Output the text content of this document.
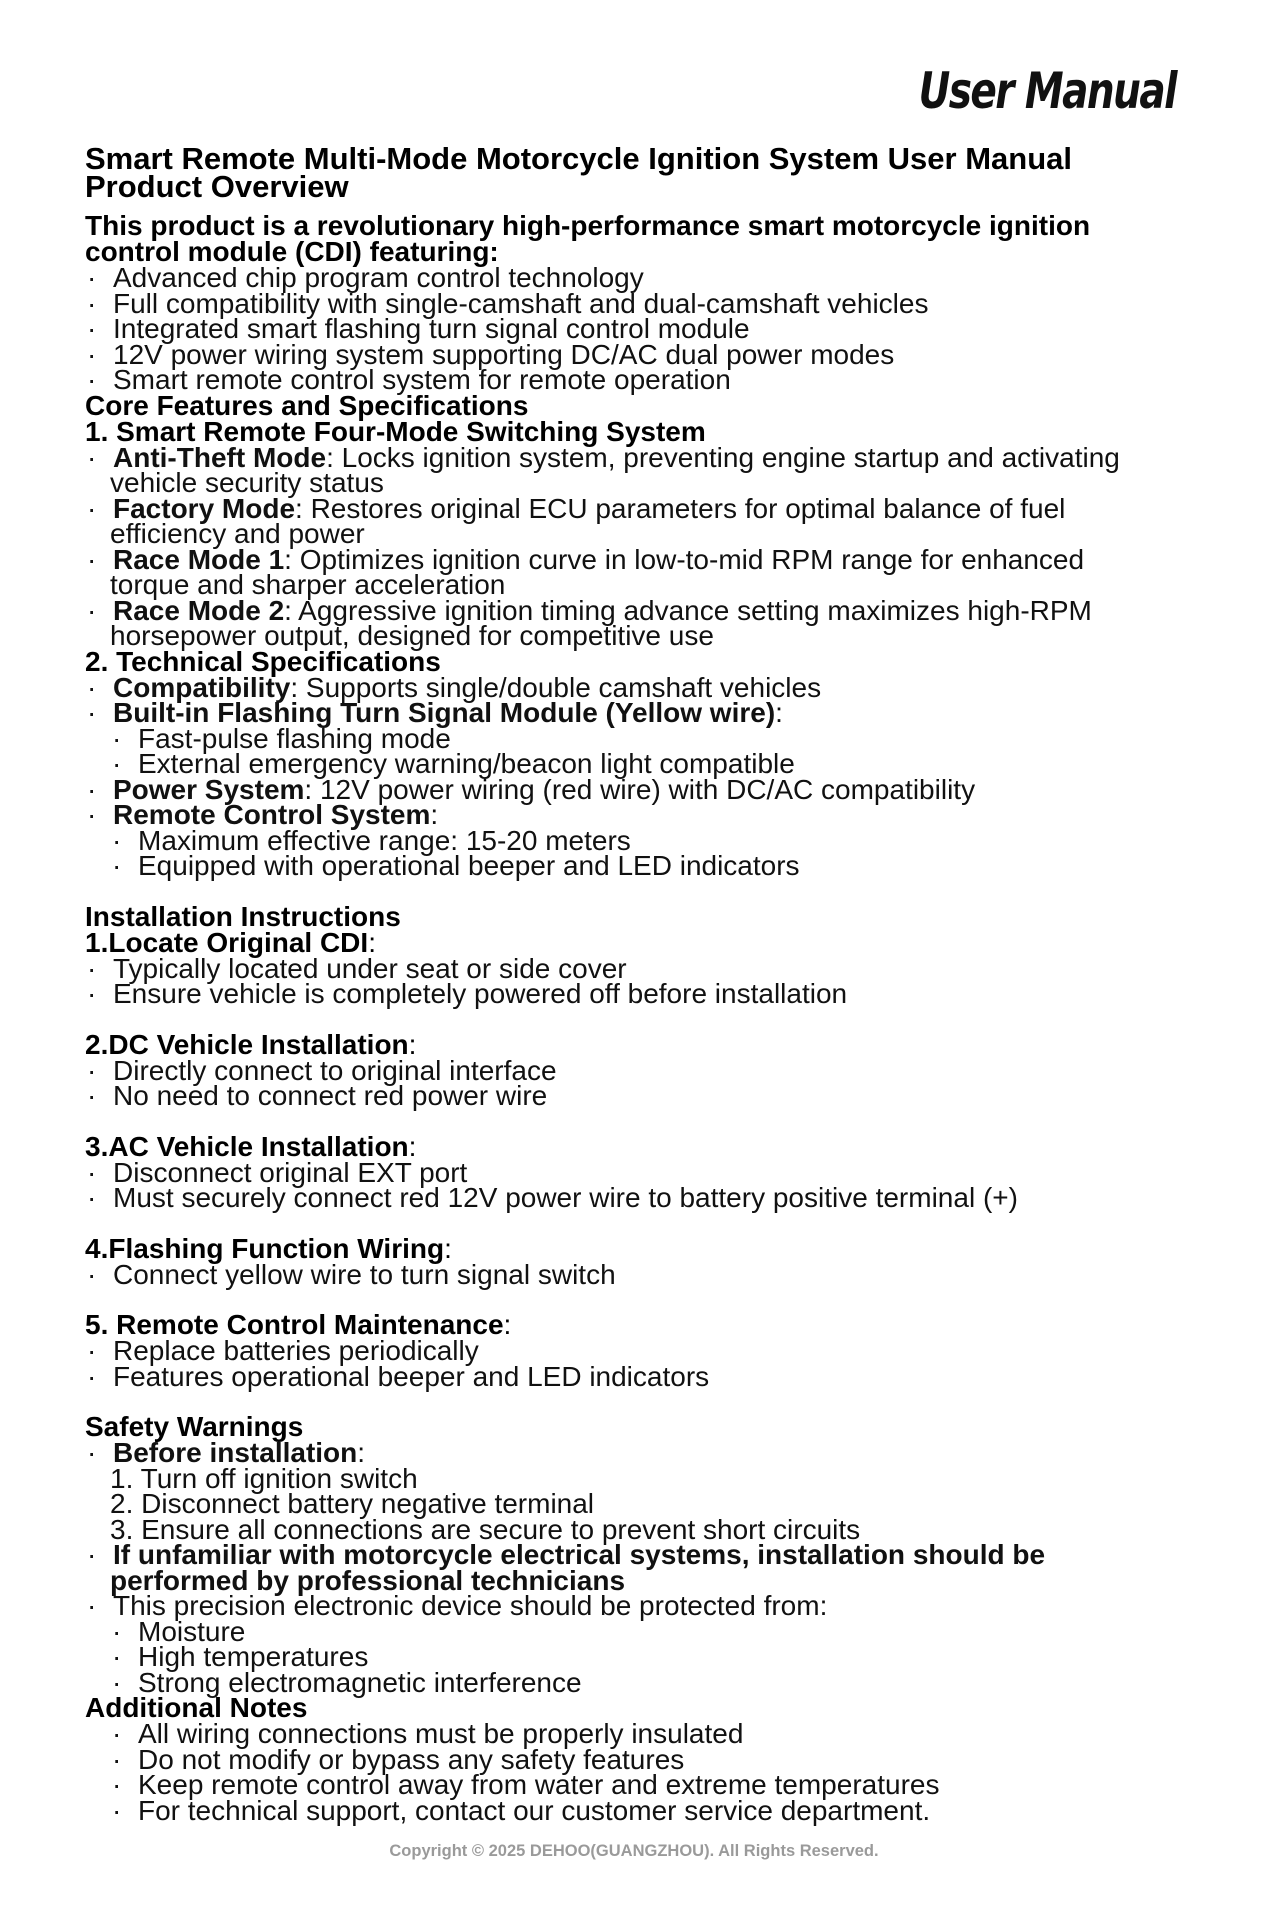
User Manual
Smart Remote Multi-Mode Motorcycle Ignition System User Manual
Product Overview
This product is a revolutionary high-performance smart motorcycle ignition
control module (CDI) featuring:
· Advanced chip program control technology
· Full compatibility with single-camshaft and dual-camshaft vehicles
· Integrated smart flashing turn signal control module
· 12V power wiring system supporting DC/AC dual power modes
· Smart remote control system for remote operation
Core Features and Specifications
1. Smart Remote Four-Mode Switching System
· Anti-Theft Mode: Locks ignition system, preventing engine startup and activating
vehicle security status
· Factory Mode: Restores original ECU parameters for optimal balance of fuel
efficiency and power
· Race Mode 1: Optimizes ignition curve in low-to-mid RPM range for enhanced
torque and sharper acceleration
· Race Mode 2: Aggressive ignition timing advance setting maximizes high-RPM
horsepower output, designed for competitive use
2. Technical Specifications
· Compatibility: Supports single/double camshaft vehicles
· Built-in Flashing Turn Signal Module (Yellow wire):
· Fast-pulse flashing mode
· External emergency warning/beacon light compatible
· Power System: 12V power wiring (red wire) with DC/AC compatibility
· Remote Control System:
· Maximum effective range: 15-20 meters
· Equipped with operational beeper and LED indicators
Installation Instructions
1.Locate Original CDI:
· Typically located under seat or side cover
· Ensure vehicle is completely powered off before installation
2.DC Vehicle Installation:
· Directly connect to original interface
· No need to connect red power wire
3.AC Vehicle Installation:
· Disconnect original EXT port
· Must securely connect red 12V power wire to battery positive terminal (+)
4.Flashing Function Wiring:
· Connect yellow wire to turn signal switch
5. Remote Control Maintenance:
· Replace batteries periodically
· Features operational beeper and LED indicators
Safety Warnings
· Before installation:
1. Turn off ignition switch
2. Disconnect battery negative terminal
3. Ensure all connections are secure to prevent short circuits
· If unfamiliar with motorcycle electrical systems, installation should be
performed by professional technicians
· This precision electronic device should be protected from:
· Moisture
· High temperatures
· Strong electromagnetic interference
Additional Notes
· All wiring connections must be properly insulated
· Do not modify or bypass any safety features
· Keep remote control away from water and extreme temperatures
· For technical support, contact our customer service department.
Copyright © 2025 DEHOO(GUANGZHOU). All Rights Reserved.
